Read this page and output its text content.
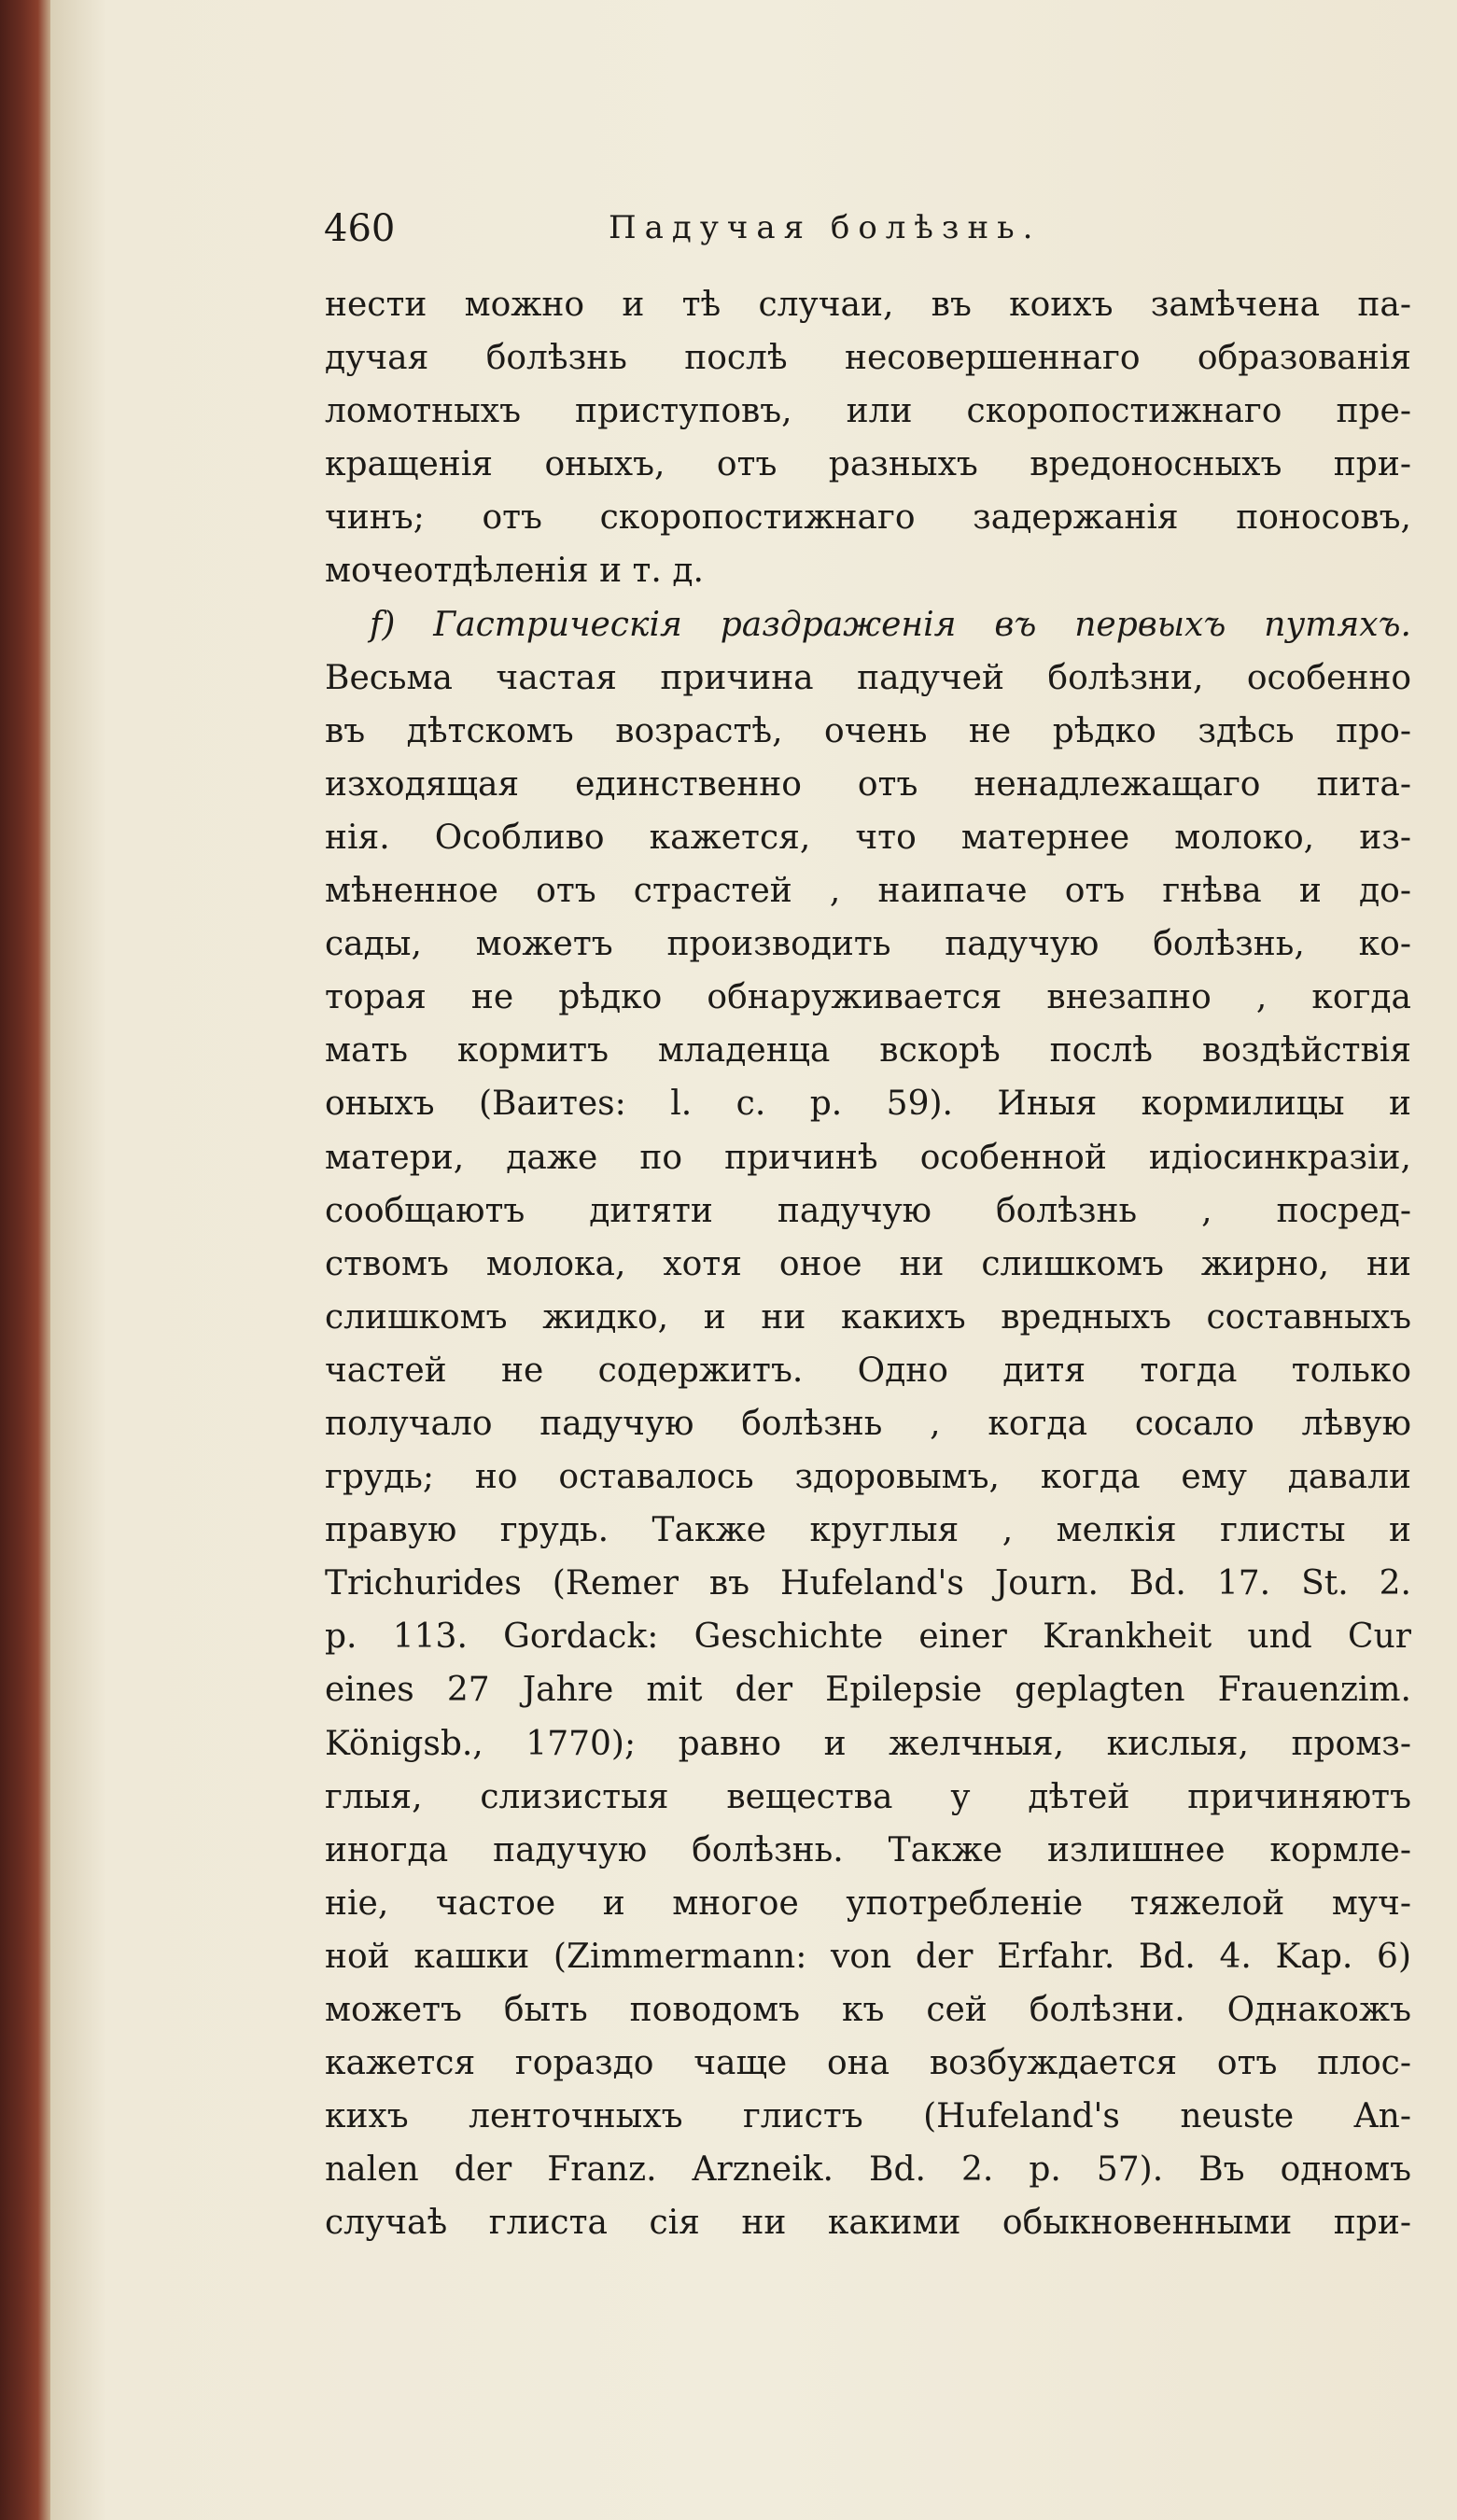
460	Падучая болѣзнь.
нести можно и тѣ случаи, въ коихъ замѣчена па-
дучая болѣзнь послѣ несовершеннаго образованія
ломотныхъ приступовъ, или скоропостижнаго пре-
кращенія оныхъ, отъ разныхъ вредоносныхъ при-
чинъ; отъ скоропостижнаго задержанія поносовъ,
мочеотдѣленія и т. д.
f) Гастрическія раздраженія въ первыхъ путяхъ.
Весьма частая причина падучей болѣзни, особенно
въ дѣтскомъ возрастѣ, очень не рѣдко здѣсь про-
изходящая единственно отъ ненадлежащаго пита-
нія. Особливо кажется, что матернее молоко, из-
мѣненное отъ страстей , наипаче отъ гнѣва и до-
сады, можетъ производить падучую болѣзнь, ко-
торая не рѣдко обнаруживается внезапно , когда
мать кормитъ младенца вскорѣ послѣ воздѣйствія
оныхъ (Ваитеs: l. c. p. 59). Иныя кормилицы и
матери, даже по причинѣ особенной идіосинкразіи,
сообщаютъ дитяти падучую болѣзнь , посред-
ствомъ молока, хотя оное ни слишкомъ жирно, ни
слишкомъ жидко, и ни какихъ вредныхъ составныхъ
частей не содержитъ. Одно дитя тогда только
получало падучую болѣзнь , когда сосало лѣвую
грудь; но оставалось здоровымъ, когда ему давали
правую грудь. Также круглыя , мелкія глисты и
Trichurides (Remer въ Hufeland's Journ. Bd. 17. St. 2.
p. 113. Gordack: Geschichte einer Krankheit und Cur
eines 27 Jahre mit der Epilepsie geplagten Frauenzim.
Königsb., 1770); равно и желчныя, кислыя, промз-
глыя, слизистыя вещества у дѣтей причиняютъ
иногда падучую болѣзнь. Также излишнее кормле-
ніе, частое и многое употребленіе тяжелой муч-
ной кашки (Zimmermann: von der Erfahr. Bd. 4. Kap. 6)
можетъ быть поводомъ къ сей болѣзни. Однакожъ
кажется гораздо чаще она возбуждается отъ плос-
кихъ ленточныхъ глистъ (Hufeland's neuste An-
nalen der Franz. Arzneik. Bd. 2. p. 57). Въ одномъ
случаѣ глиста сія ни какими обыкновенными при-
